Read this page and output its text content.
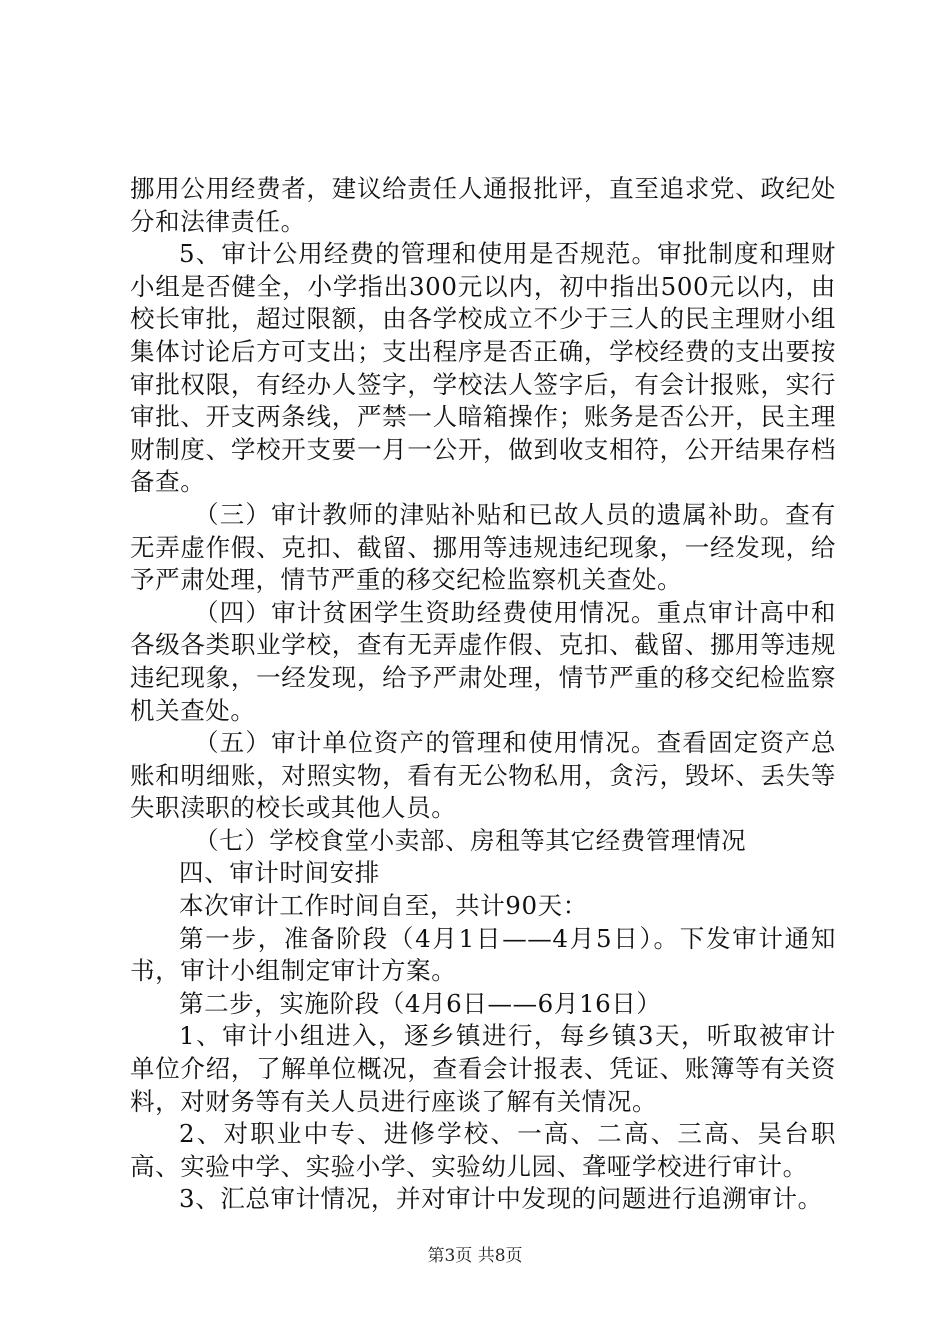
挪用公用经费者，建议给责任人通报批评，直至追求党、政纪处分和法律责任。

5、审计公用经费的管理和使用是否规范。审批制度和理财小组是否健全，小学指出300元以内，初中指出500元以内，由校长审批，超过限额，由各学校成立不少于三人的民主理财小组集体讨论后方可支出；支出程序是否正确，学校经费的支出要按审批权限，有经办人签字，学校法人签字后，有会计报账，实行审批、开支两条线，严禁一人暗箱操作；账务是否公开，民主理财制度、学校开支要一月一公开，做到收支相符，公开结果存档备查。

（三）审计教师的津贴补贴和已故人员的遗属补助。查有无弄虚作假、克扣、截留、挪用等违规违纪现象，一经发现，给予严肃处理，情节严重的移交纪检监察机关查处。

（四）审计贫困学生资助经费使用情况。重点审计高中和各级各类职业学校，查有无弄虚作假、克扣、截留、挪用等违规违纪现象，一经发现，给予严肃处理，情节严重的移交纪检监察机关查处。

（五）审计单位资产的管理和使用情况。查看固定资产总账和明细账，对照实物，看有无公物私用，贪污，毁坏、丢失等失职渎职的校长或其他人员。

（七）学校食堂小卖部、房租等其它经费管理情况

四、审计时间安排

本次审计工作时间自至，共计90天：

第一步，准备阶段（4月1日——4月5日）。下发审计通知书，审计小组制定审计方案。

第二步，实施阶段（4月6日——6月16日）

1、审计小组进入，逐乡镇进行，每乡镇3天，听取被审计单位介绍，了解单位概况，查看会计报表、凭证、账簿等有关资料，对财务等有关人员进行座谈了解有关情况。

2、对职业中专、进修学校、一高、二高、三高、吴台职高、实验中学、实验小学、实验幼儿园、聋哑学校进行审计。

3、汇总审计情况，并对审计中发现的问题进行追溯审计。

第3页 共8页
